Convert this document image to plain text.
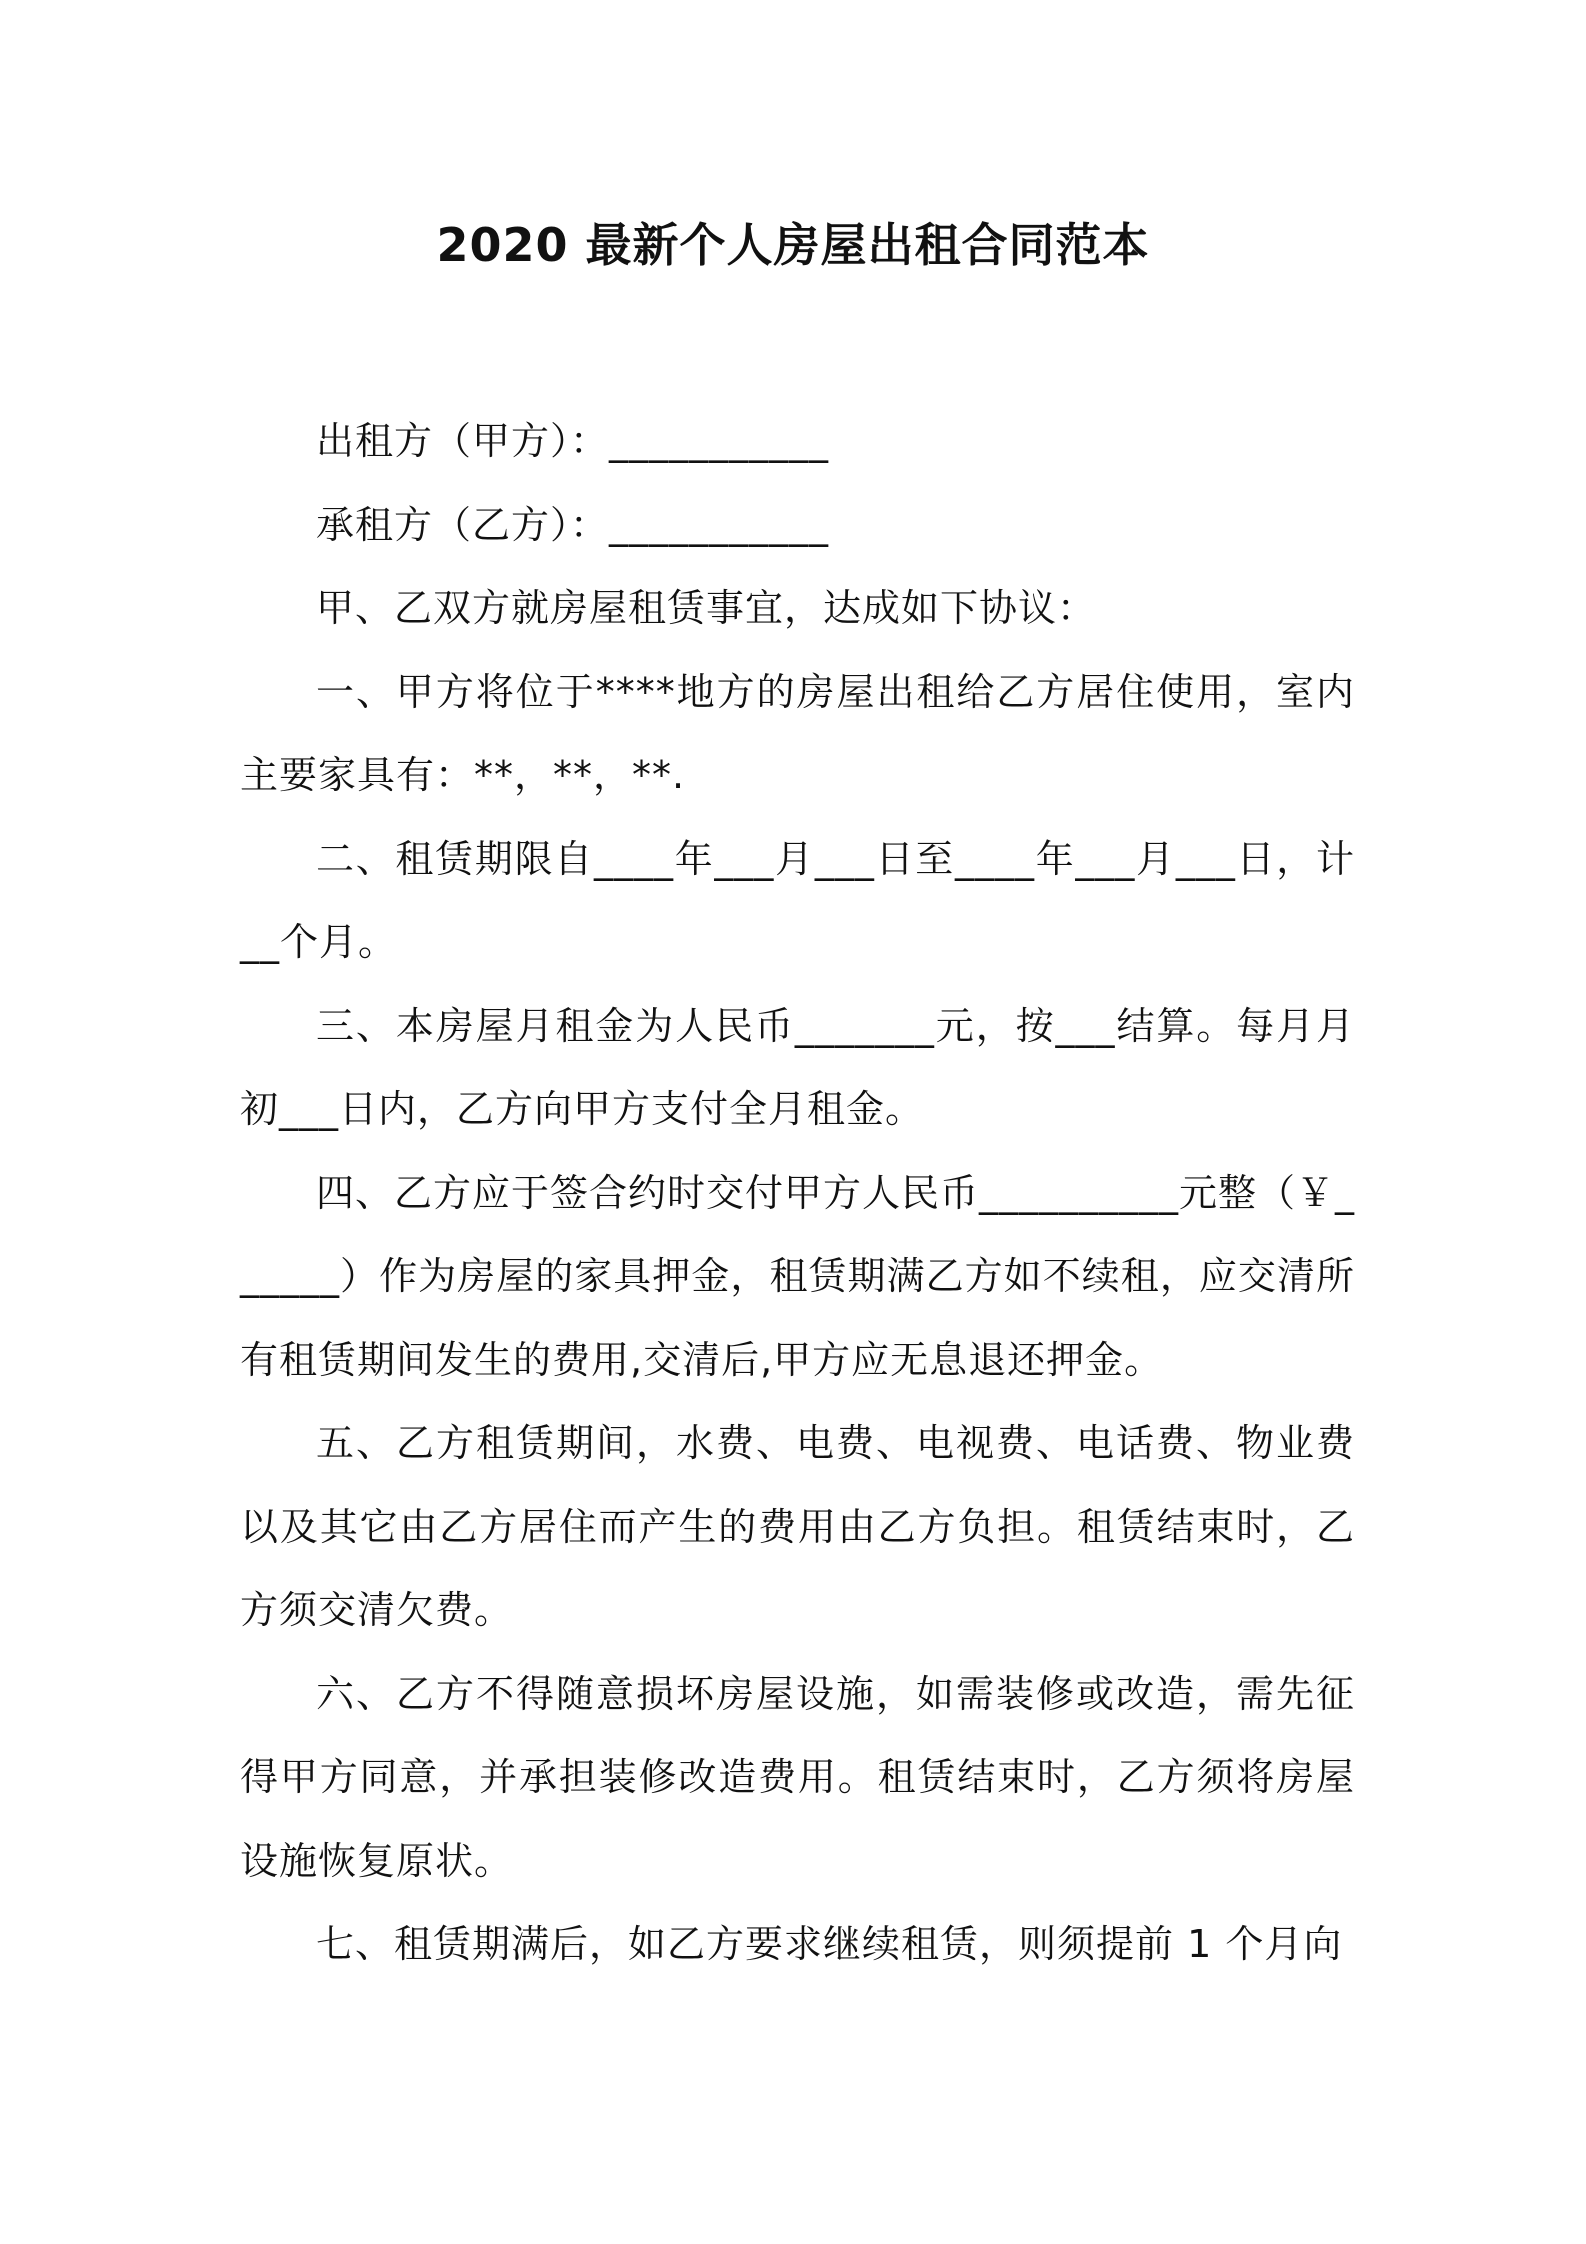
2020 最新个人房屋出租合同范本

出租方（甲方）：___________

承租方（乙方）：___________

甲、乙双方就房屋租赁事宜，达成如下协议：

一、甲方将位于****地方的房屋出租给乙方居住使用，室内主要家具有：**，**，**.

二、租赁期限自____年___月___日至____年___月___日，计__个月。

三、本房屋月租金为人民币_______元，按___结算。每月月初___日内，乙方向甲方支付全月租金。

四、乙方应于签合约时交付甲方人民币__________元整（￥______）作为房屋的家具押金，租赁期满乙方如不续租，应交清所有租赁期间发生的费用,交清后,甲方应无息退还押金。

五、乙方租赁期间，水费、电费、电视费、电话费、物业费以及其它由乙方居住而产生的费用由乙方负担。租赁结束时，乙方须交清欠费。

六、乙方不得随意损坏房屋设施，如需装修或改造，需先征得甲方同意，并承担装修改造费用。租赁结束时，乙方须将房屋设施恢复原状。

七、租赁期满后，如乙方要求继续租赁，则须提前 1 个月向
